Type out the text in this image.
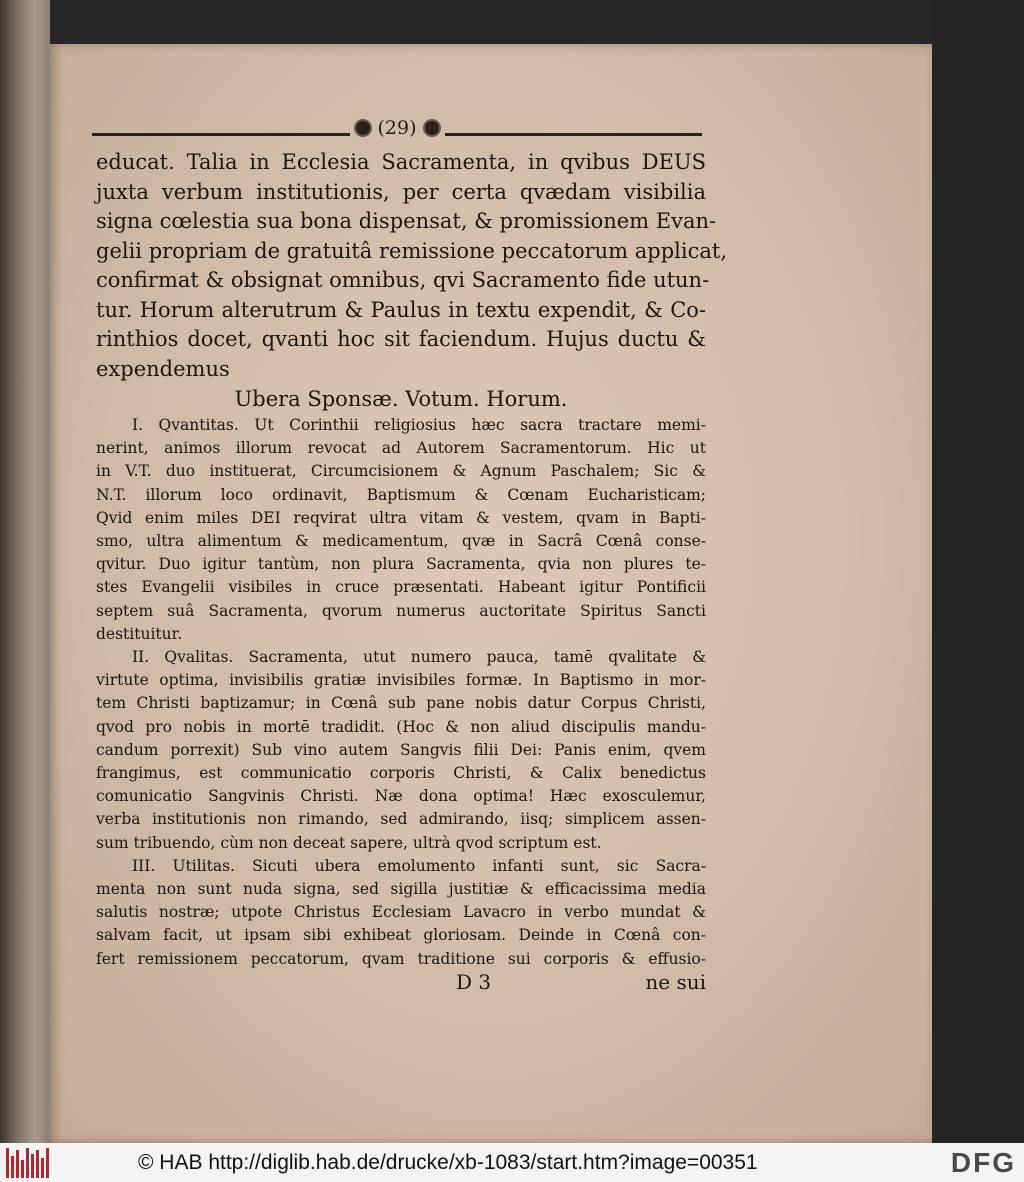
(29)
educat. Talia in Ecclesia Sacramenta, in qvibus DEUS
juxta verbum institutionis, per certa qvædam visibilia
signa cœlestia sua bona dispensat, & promissionem Evan-
gelii propriam de gratuitâ remissione peccatorum applicat,
confirmat & obsignat omnibus, qvi Sacramento fide utun-
tur. Horum alterutrum & Paulus in textu expendit, & Co-
rinthios docet, qvanti hoc sit faciendum. Hujus ductu &
expendemus
Ubera Sponsæ. Votum. Horum.
I. Qvantitas. Ut Corinthii religiosius hæc sacra tractare memi-
nerint, animos illorum revocat ad Autorem Sacramentorum. Hic ut
in V.T. duo instituerat, Circumcisionem & Agnum Paschalem; Sic &
N.T. illorum loco ordinavit, Baptismum & Cœnam Eucharisticam;
Qvid enim miles DEI reqvirat ultra vitam & vestem, qvam in Bapti-
smo, ultra alimentum & medicamentum, qvæ in Sacrâ Cœnâ conse-
qvitur. Duo igitur tantùm, non plura Sacramenta, qvia non plures te-
stes Evangelii visibiles in cruce præsentati. Habeant igitur Pontificii
septem suâ Sacramenta, qvorum numerus auctoritate Spiritus Sancti
destituitur.
II. Qvalitas. Sacramenta, utut numero pauca, tamē qvalitate &
virtute optima, invisibilis gratiæ invisibiles formæ. In Baptismo in mor-
tem Christi baptizamur; in Cœnâ sub pane nobis datur Corpus Christi,
qvod pro nobis in mortē tradidit. (Hoc & non aliud discipulis mandu-
candum porrexit) Sub vino autem Sangvis filii Dei: Panis enim, qvem
frangimus, est communicatio corporis Christi, & Calix benedictus
comunicatio Sangvinis Christi. Næ dona optima! Hæc exosculemur,
verba institutionis non rimando, sed admirando, iisq; simplicem assen-
sum tribuendo, cùm non deceat sapere, ultrà qvod scriptum est.
III. Utilitas. Sicuti ubera emolumento infanti sunt, sic Sacra-
menta non sunt nuda signa, sed sigilla justitiæ & efficacissima media
salutis nostræ; utpote Christus Ecclesiam Lavacro in verbo mundat &
salvam facit, ut ipsam sibi exhibeat gloriosam. Deinde in Cœnâ con-
fert remissionem peccatorum, qvam traditione sui corporis & effusio-
D 3	ne sui
© HAB http://diglib.hab.de/drucke/xb-1083/start.htm?image=00351	DFG
